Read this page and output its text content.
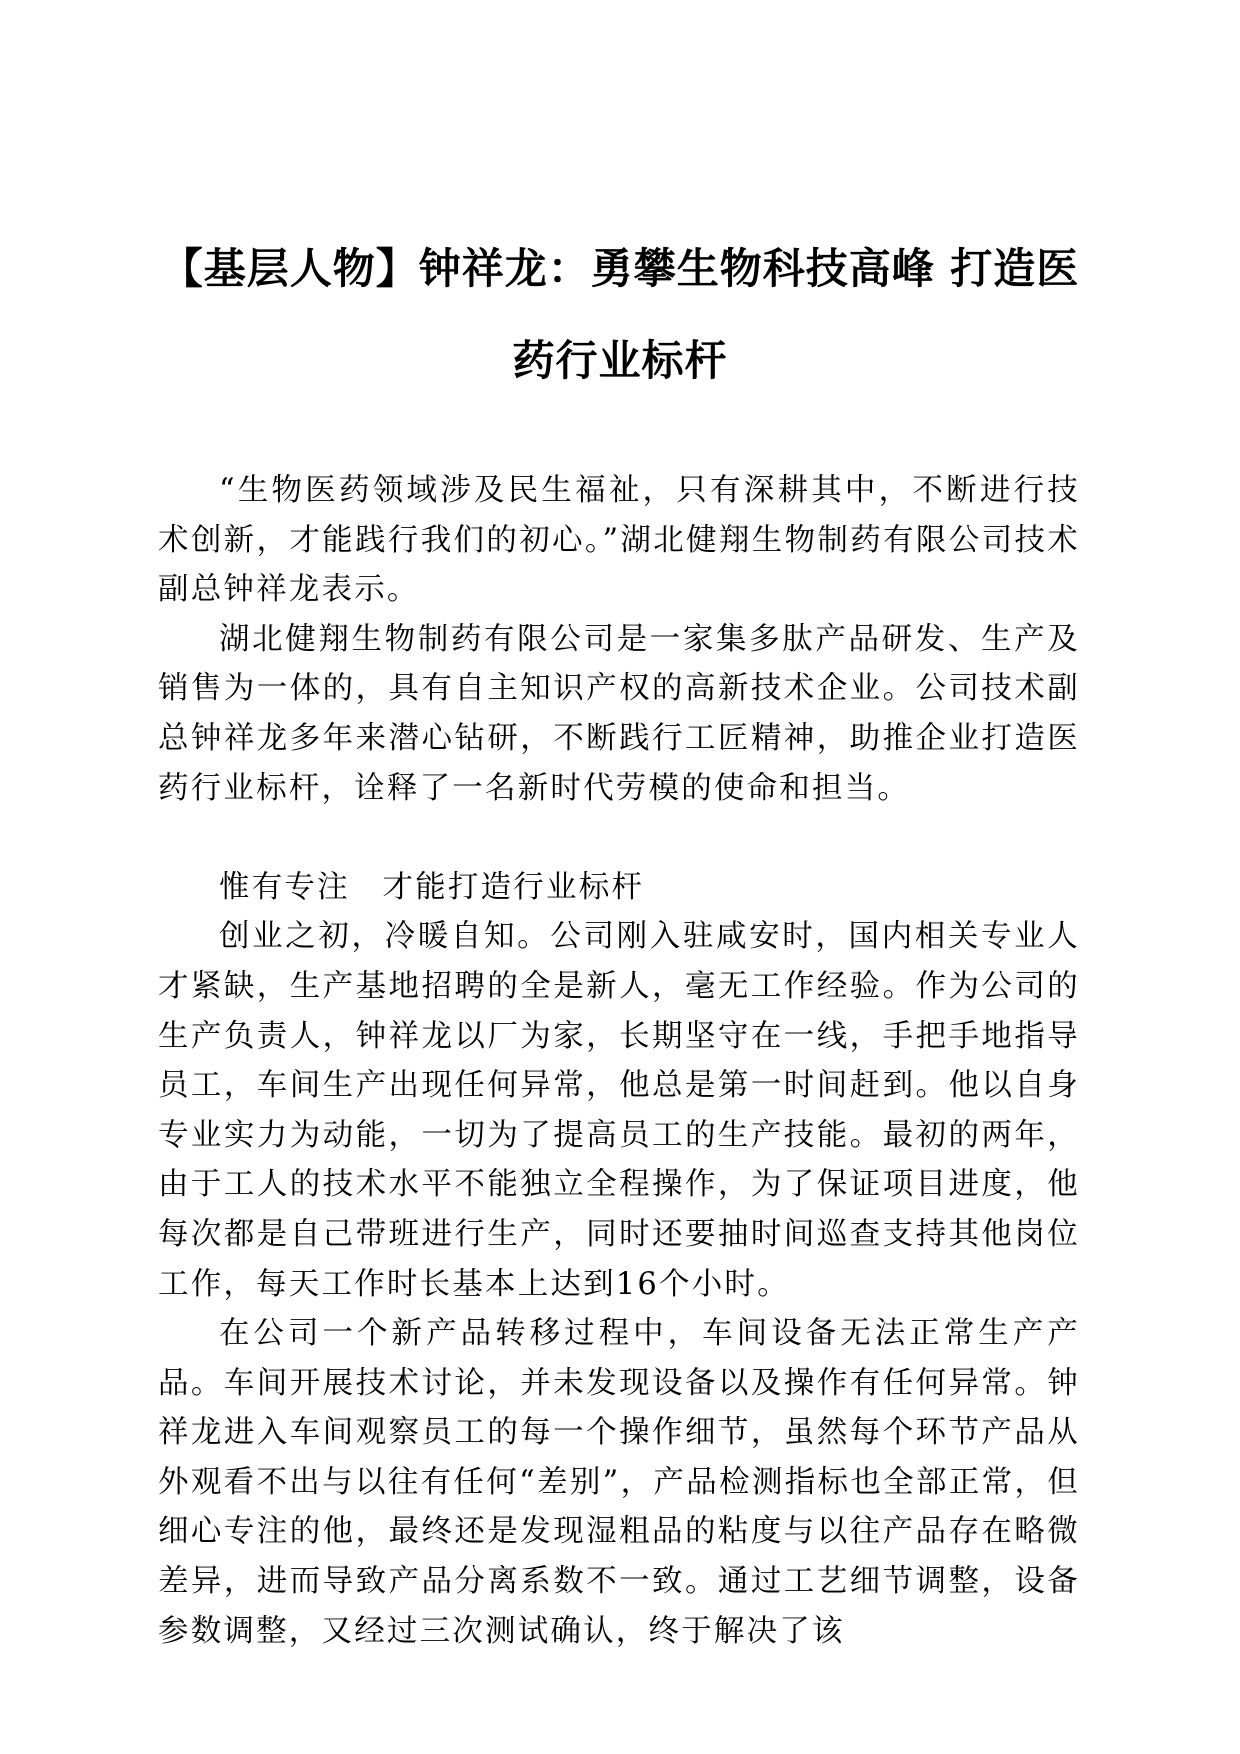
【基层人物】钟祥龙：勇攀生物科技高峰 打造医药行业标杆

“生物医药领域涉及民生福祉，只有深耕其中，不断进行技术创新，才能践行我们的初心。”湖北健翔生物制药有限公司技术副总钟祥龙表示。

湖北健翔生物制药有限公司是一家集多肽产品研发、生产及销售为一体的，具有自主知识产权的高新技术企业。公司技术副总钟祥龙多年来潜心钻研，不断践行工匠精神，助推企业打造医药行业标杆，诠释了一名新时代劳模的使命和担当。

惟有专注　才能打造行业标杆

创业之初，冷暖自知。公司刚入驻咸安时，国内相关专业人才紧缺，生产基地招聘的全是新人，毫无工作经验。作为公司的生产负责人，钟祥龙以厂为家，长期坚守在一线，手把手地指导员工，车间生产出现任何异常，他总是第一时间赶到。他以自身专业实力为动能，一切为了提高员工的生产技能。最初的两年，由于工人的技术水平不能独立全程操作，为了保证项目进度，他每次都是自己带班进行生产，同时还要抽时间巡查支持其他岗位工作，每天工作时长基本上达到16个小时。

在公司一个新产品转移过程中，车间设备无法正常生产产品。车间开展技术讨论，并未发现设备以及操作有任何异常。钟祥龙进入车间观察员工的每一个操作细节，虽然每个环节产品从外观看不出与以往有任何“差别”，产品检测指标也全部正常，但细心专注的他，最终还是发现湿粗品的粘度与以往产品存在略微差异，进而导致产品分离系数不一致。通过工艺细节调整，设备参数调整，又经过三次测试确认，终于解决了该
